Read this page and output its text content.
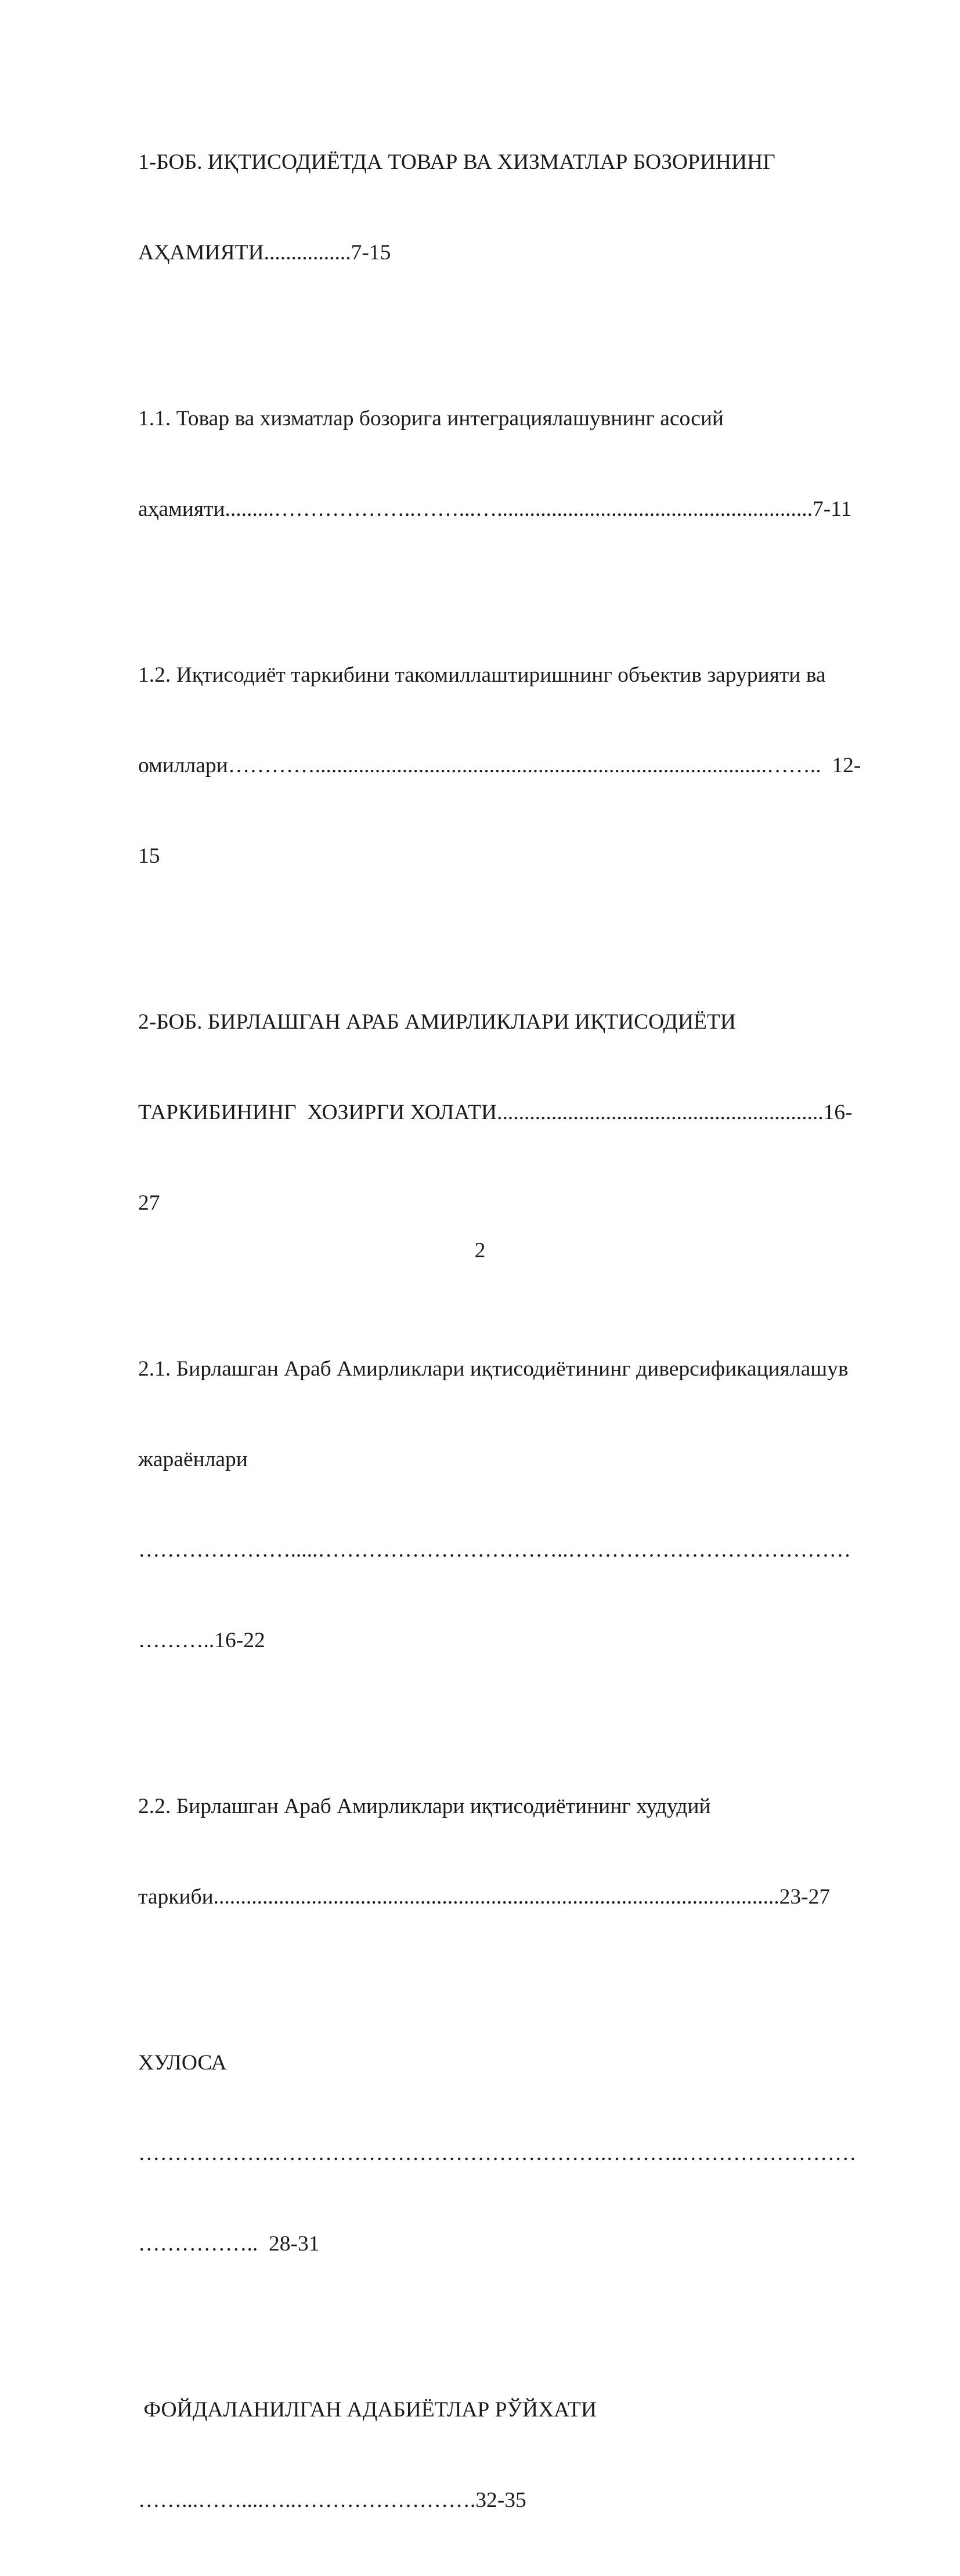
1-БОБ. ИҚТИСОДИЁТДА ТОВАР ВА ХИЗМАТЛАР БОЗОРИНИНГ

АҲАМИЯТИ................7-15

1.1. Товар ва хизматлар бозорига интеграциялашувнинг асосий

аҳамияти.........………………..……...…..........................................................7-11

1.2. Иқтисодиёт таркибини такомиллаштиришнинг объектив зарурияти ва

омиллари…………...................................................................................……..  12-

15

2-БОБ. БИРЛАШГАН АРАБ АМИРЛИКЛАРИ ИҚТИСОДИЁТИ

ТАРКИБИНИНГ  ХОЗИРГИ ХОЛАТИ............................................................16-

27

2.1. Бирлашган Араб Амирликлари иқтисодиётининг диверсификациялашув

жараёнлари

………………….....……………………………..…………………………………

………..16-22

2.2. Бирлашган Араб Амирликлари иқтисодиётининг худудий

таркиби........................................................................................................23-27

ХУЛОСА

……………….……………………………………….………..……………………

……………..  28-31

ФОЙДАЛАНИЛГАН АДАБИЁТЛАР РЎЙХАТИ

……...……....…..…………………….32-35

2
